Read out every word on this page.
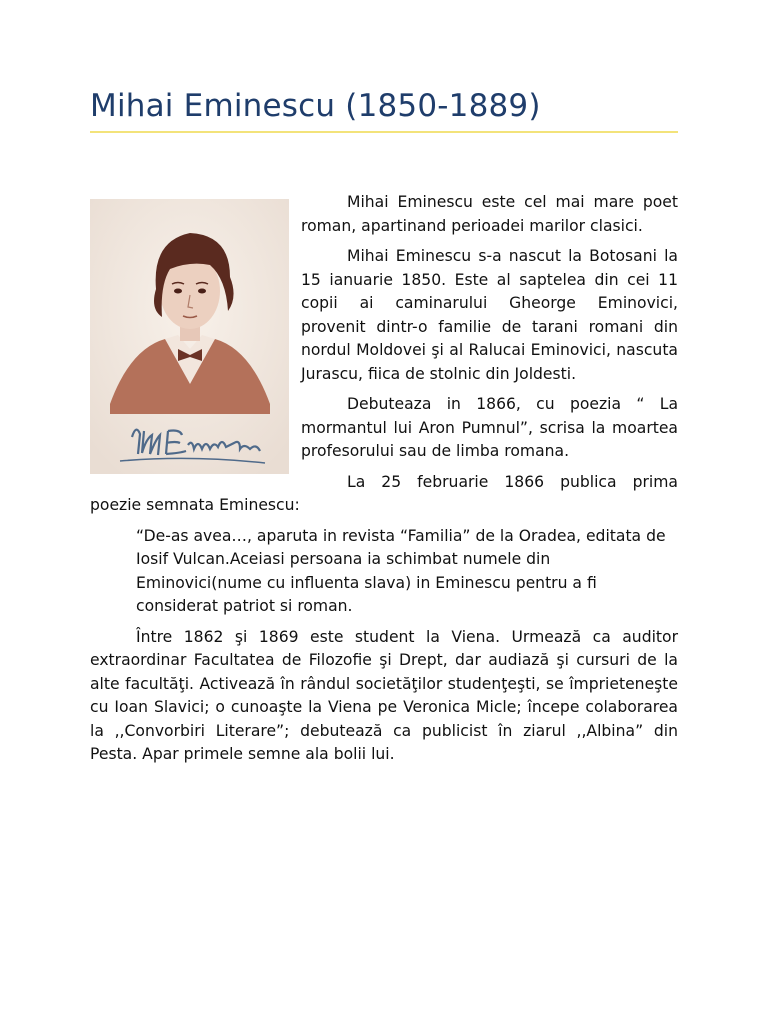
Mihai Eminescu (1850-1889)

Mihai Eminescu este cel mai mare poet roman, apartinand perioadei marilor clasici.

Mihai Eminescu s-a nascut la Botosani la 15 ianuarie 1850. Este al saptelea din cei 11 copii ai caminarului Gheorge Eminovici, provenit dintr-o familie de tarani romani din nordul Moldovei şi al Ralucai Eminovici, nascuta Jurascu, fiica de stolnic din Joldesti.

Debuteaza in 1866, cu poezia “ La mormantul lui Aron Pumnul”, scrisa la moartea profesorului sau de limba romana.

La 25 februarie 1866 publica prima poezie semnata Eminescu:

“De-as avea…, aparuta in revista “Familia” de la Oradea, editata de Iosif Vulcan.Aceiasi persoana ia schimbat numele din Eminovici(nume cu influenta slava) in Eminescu pentru a fi considerat patriot si roman.

Între 1862 şi 1869 este student la Viena. Urmează ca auditor extraordinar Facultatea de Filozofie şi Drept, dar audiază şi cursuri de la alte facultăţi. Activează în rândul societăţilor studenţeşti, se împrieteneşte cu Ioan Slavici; o cunoaşte la Viena pe Veronica Micle; începe colaborarea la ,,Convorbiri Literare”; debutează ca publicist în ziarul ,,Albina” din Pesta. Apar primele semne ala bolii lui.
